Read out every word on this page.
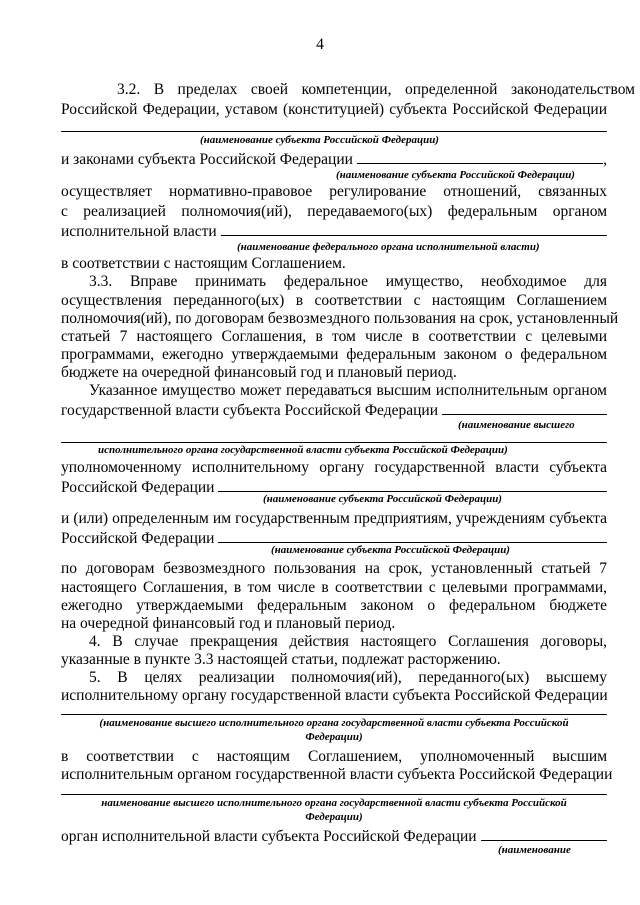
4
3.2. В пределах своей компетенции, определенной законодательством
Российской Федерации, уставом (конституцией) субъекта Российской Федерации
(наименование субъекта Российской Федерации)
и законами субъекта Российской Федерации	,
(наименование субъекта Российской Федерации)
осуществляет нормативно-правовое регулирование отношений, связанных
с реализацией полномочия(ий), передаваемого(ых) федеральным органом
исполнительной власти
(наименование федерального органа исполнительной власти)
в соответствии с настоящим Соглашением.
3.3. Вправе принимать федеральное имущество, необходимое для
осуществления переданного(ых) в соответствии с настоящим Соглашением
полномочия(ий), по договорам безвозмездного пользования на срок, установленный
статьей 7 настоящего Соглашения, в том числе в соответствии с целевыми
программами, ежегодно утверждаемыми федеральным законом о федеральном
бюджете на очередной финансовый год и плановый период.
Указанное имущество может передаваться высшим исполнительным органом
государственной власти субъекта Российской Федерации
(наименование высшего
исполнительного органа государственной власти субъекта Российской Федерации)
уполномоченному исполнительному органу государственной власти субъекта
Российской Федерации
(наименование субъекта Российской Федерации)
и (или) определенным им государственным предприятиям, учреждениям субъекта
Российской Федерации
(наименование субъекта Российской Федерации)
по договорам безвозмездного пользования на срок, установленный статьей 7
настоящего Соглашения, в том числе в соответствии с целевыми программами,
ежегодно утверждаемыми федеральным законом о федеральном бюджете
на очередной финансовый год и плановый период.
4. В случае прекращения действия настоящего Соглашения договоры,
указанные в пункте 3.3 настоящей статьи, подлежат расторжению.
5. В целях реализации полномочия(ий), переданного(ых) высшему
исполнительному органу государственной власти субъекта Российской Федерации
(наименование высшего исполнительного органа государственной власти субъекта Российской
Федерации)
в соответствии с настоящим Соглашением, уполномоченный высшим
исполнительным органом государственной власти субъекта Российской Федерации
наименование высшего исполнительного органа государственной власти субъекта Российской
Федерации)
орган исполнительной власти субъекта Российской Федерации
(наименование
